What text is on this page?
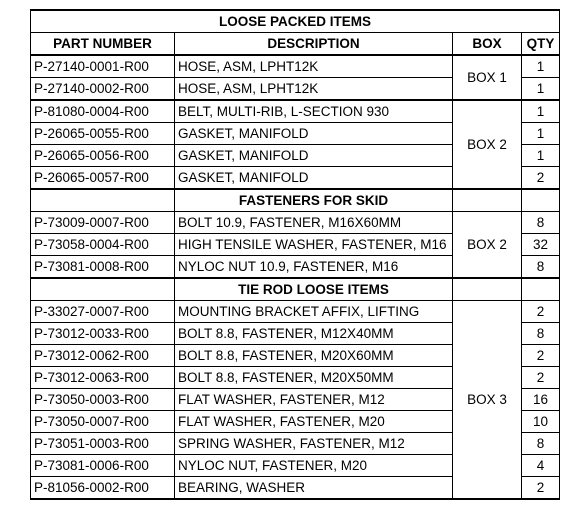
LOOSE PACKED ITEMS			
PART NUMBER	DESCRIPTION	BOX	QTY
P-27140-0001-R00	HOSE, ASM, LPHT12K	BOX 1	1
P-27140-0002-R00	HOSE, ASM, LPHT12K		1
P-81080-0004-R00	BELT, MULTI-RIB, L-SECTION 930	BOX 2	1
P-26065-0055-R00	GASKET, MANIFOLD		1
P-26065-0056-R00	GASKET, MANIFOLD		1
P-26065-0057-R00	GASKET, MANIFOLD		2
	FASTENERS FOR SKID		
P-73009-0007-R00	BOLT 10.9, FASTENER, M16X60MM	BOX 2	8
P-73058-0004-R00	HIGH TENSILE WASHER, FASTENER, M16		32
P-73081-0008-R00	NYLOC NUT 10.9, FASTENER, M16		8
	TIE ROD LOOSE ITEMS		
P-33027-0007-R00	MOUNTING BRACKET AFFIX, LIFTING	BOX 3	2
P-73012-0033-R00	BOLT 8.8, FASTENER, M12X40MM		8
P-73012-0062-R00	BOLT 8.8, FASTENER, M20X60MM		2
P-73012-0063-R00	BOLT 8.8, FASTENER, M20X50MM		2
P-73050-0003-R00	FLAT WASHER, FASTENER, M12		16
P-73050-0007-R00	FLAT WASHER, FASTENER, M20		10
P-73051-0003-R00	SPRING WASHER, FASTENER, M12		8
P-73081-0006-R00	NYLOC NUT, FASTENER, M20		4
P-81056-0002-R00	BEARING, WASHER		2
